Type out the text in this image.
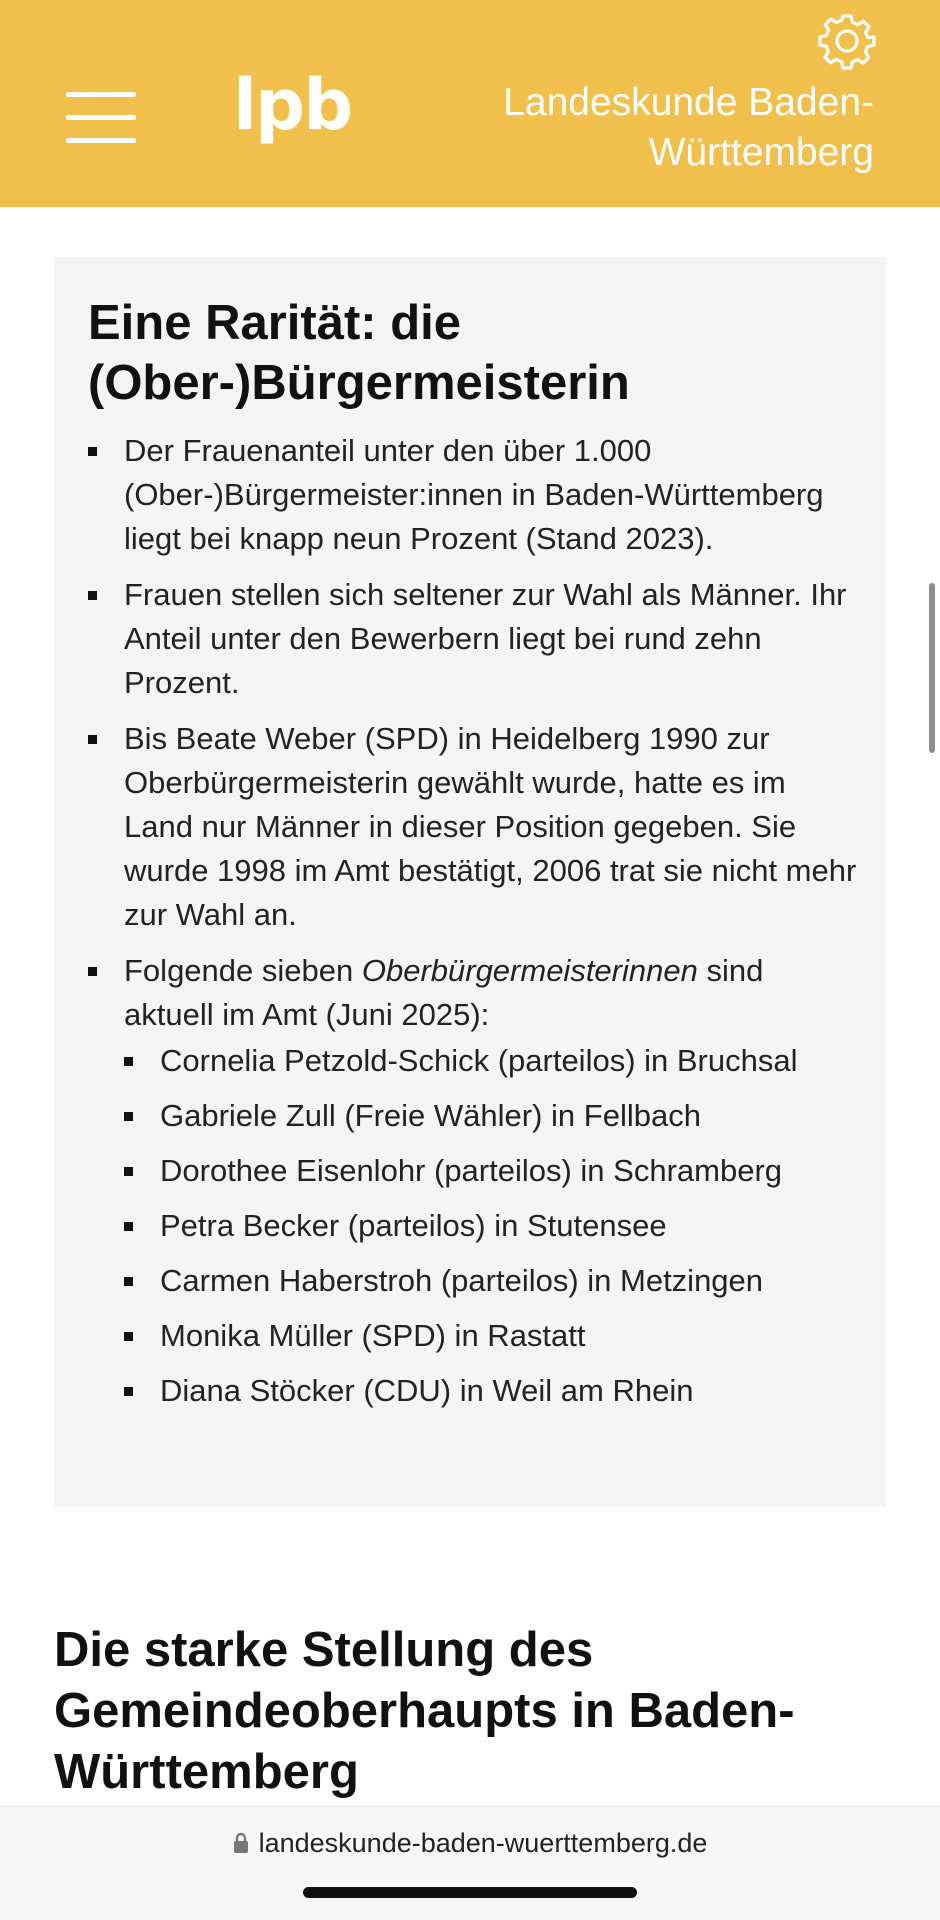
lpb	Landeskunde Baden-Württemberg
Eine Rarität: die (Ober-)Bürgermeisterin
Der Frauenanteil unter den über 1.000 (Ober-)Bürgermeister:innen in Baden-Württemberg liegt bei knapp neun Prozent (Stand 2023).
Frauen stellen sich seltener zur Wahl als Männer. Ihr Anteil unter den Bewerbern liegt bei rund zehn Prozent.
Bis Beate Weber (SPD) in Heidelberg 1990 zur Oberbürgermeisterin gewählt wurde, hatte es im Land nur Männer in dieser Position gegeben. Sie wurde 1998 im Amt bestätigt, 2006 trat sie nicht mehr zur Wahl an.
Folgende sieben Oberbürgermeisterinnen sind aktuell im Amt (Juni 2025):
Cornelia Petzold-Schick (parteilos) in Bruchsal
Gabriele Zull (Freie Wähler) in Fellbach
Dorothee Eisenlohr (parteilos) in Schramberg
Petra Becker (parteilos) in Stutensee
Carmen Haberstroh (parteilos) in Metzingen
Monika Müller (SPD) in Rastatt
Diana Stöcker (CDU) in Weil am Rhein
Die starke Stellung des Gemeindeoberhaupts in Baden-Württemberg
landeskunde-baden-wuerttemberg.de
